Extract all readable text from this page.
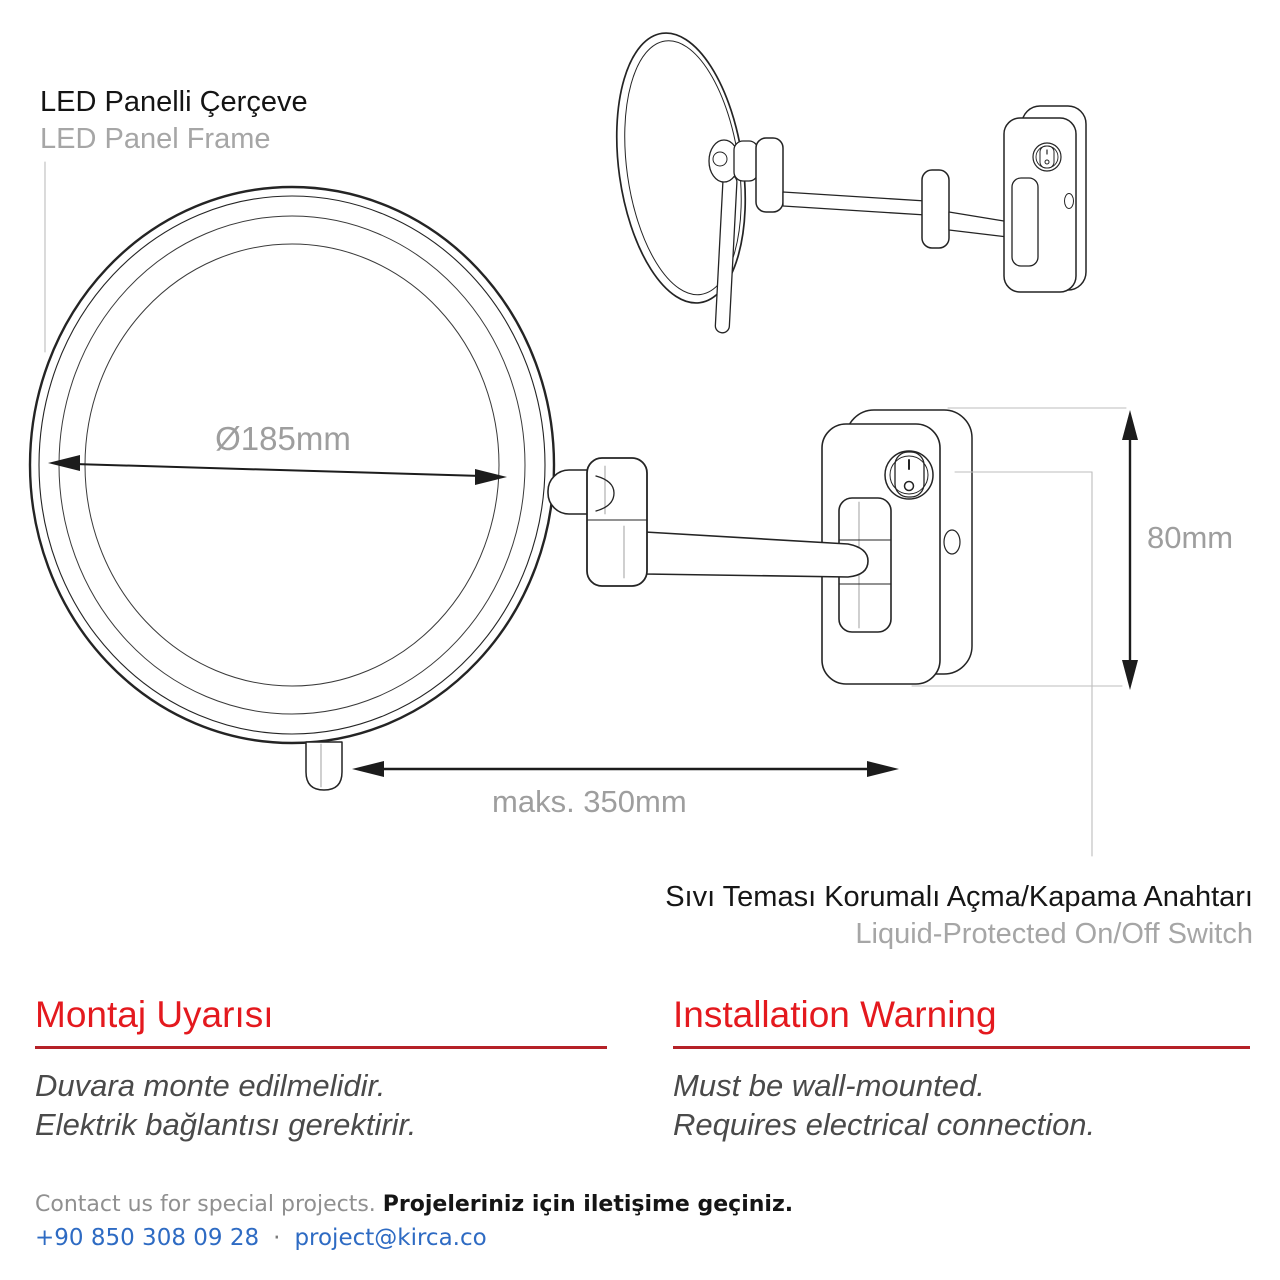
LED Panelli Çerçeve
LED Panel Frame
Ø185mm
80mm
maks. 350mm
Sıvı Teması Korumalı Açma/Kapama Anahtarı
Liquid-Protected On/Off Switch
Montaj Uyarısı
Duvara monte edilmelidir.
Elektrik bağlantısı gerektirir.
Installation Warning
Must be wall-mounted.
Requires electrical connection.
Contact us for special projects. Projeleriniz için iletişime geçiniz.
+90 850 308 09 28 · project@kirca.co
